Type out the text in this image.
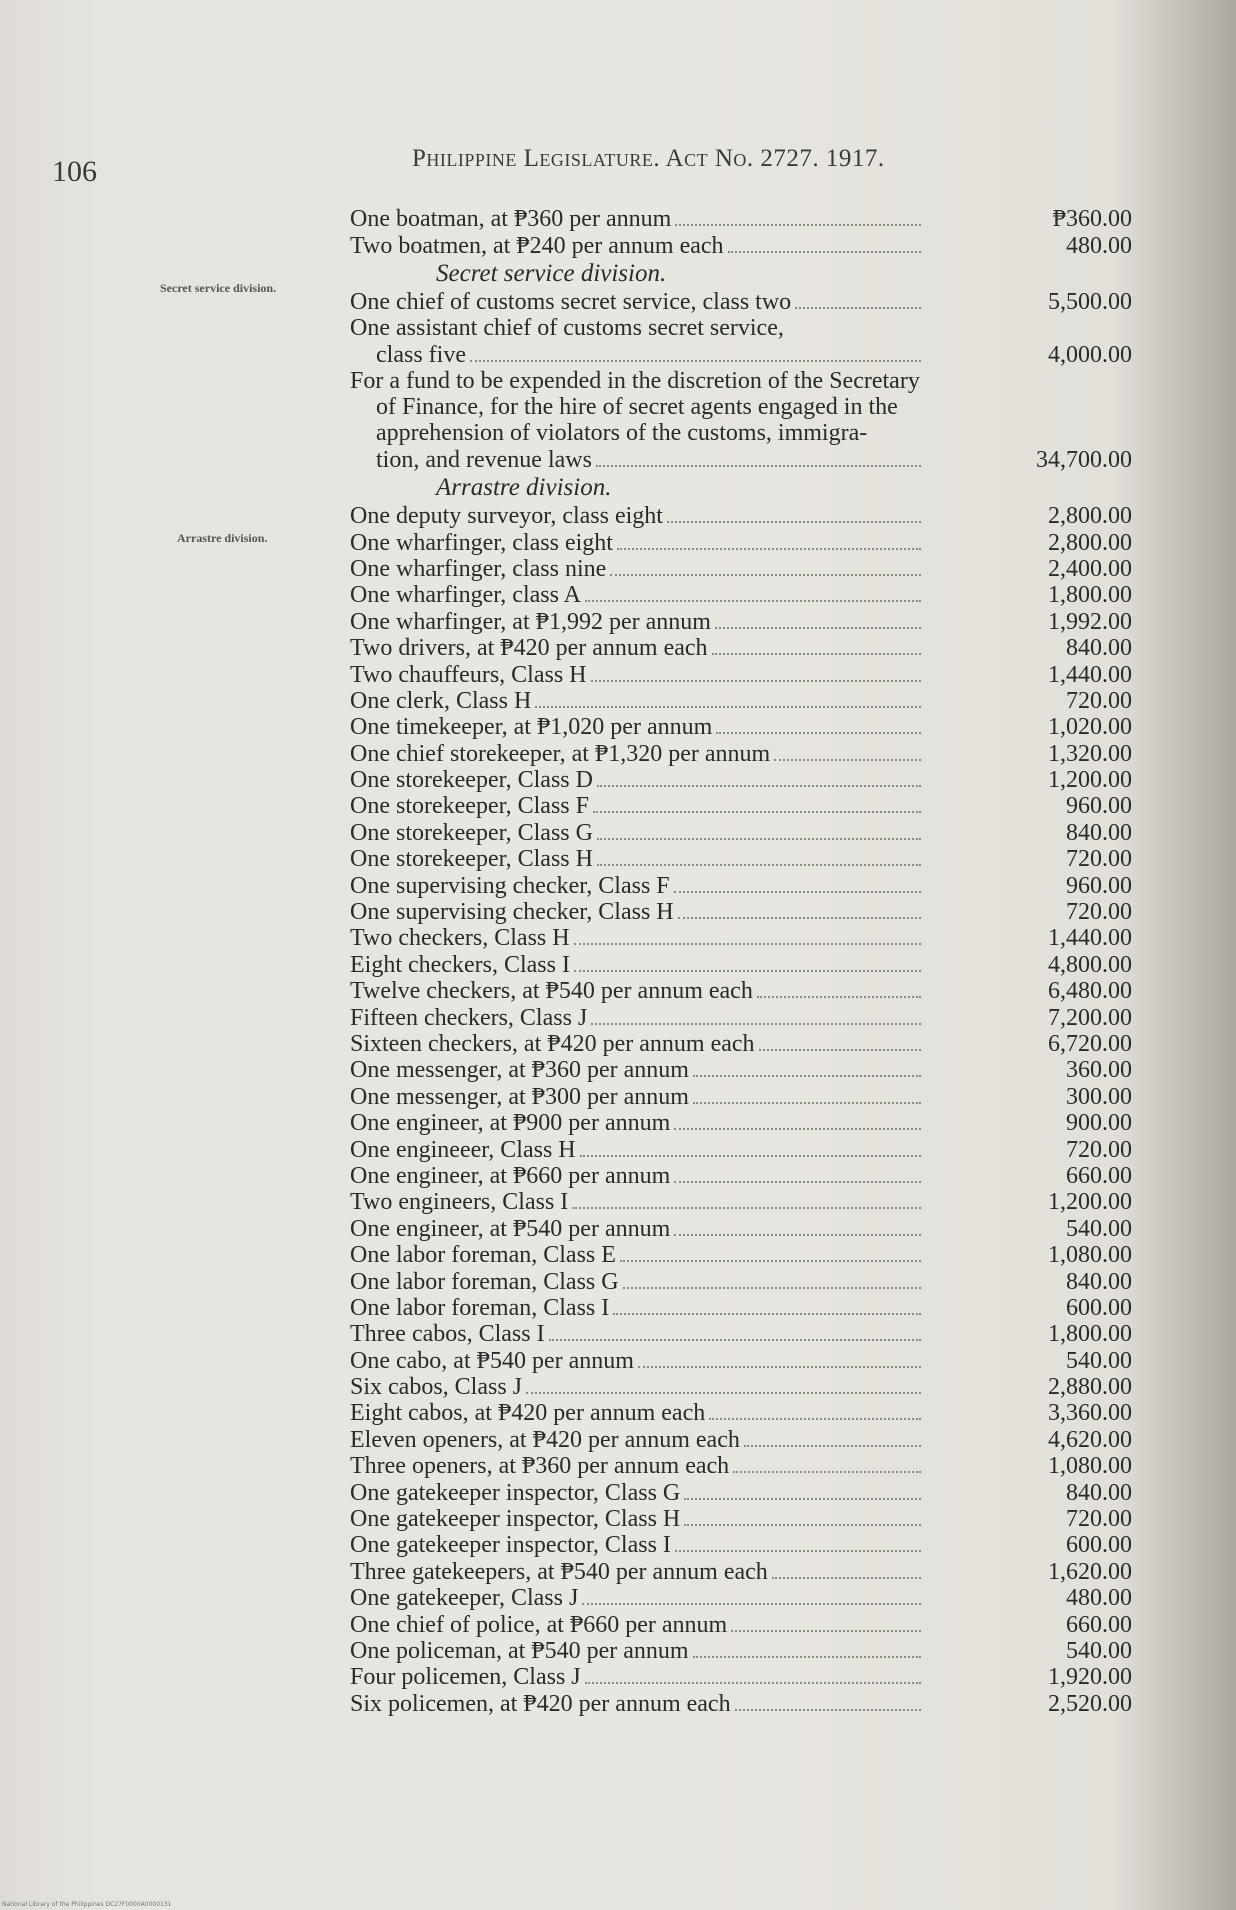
106	Philippine Legislature. Act No. 2727. 1917.
Secret service division.
Arrastre division.
One boatman, at ₱360 per annum	₱360.00
Two boatmen, at ₱240 per annum each	480.00
Secret service division.
One chief of customs secret service, class two	5,500.00
One assistant chief of customs secret service,
class five	4,000.00
For a fund to be expended in the discretion of the Secretary of Finance, for the hire of secret agents engaged in the apprehension of violators of the customs, immigra-
tion, and revenue laws	34,700.00
Arrastre division.
One deputy surveyor, class eight	2,800.00
One wharfinger, class eight	2,800.00
One wharfinger, class nine	2,400.00
One wharfinger, class A	1,800.00
One wharfinger, at ₱1,992 per annum	1,992.00
Two drivers, at ₱420 per annum each	840.00
Two chauffeurs, Class H	1,440.00
One clerk, Class H	720.00
One timekeeper, at ₱1,020 per annum	1,020.00
One chief storekeeper, at ₱1,320 per annum	1,320.00
One storekeeper, Class D	1,200.00
One storekeeper, Class F	960.00
One storekeeper, Class G	840.00
One storekeeper, Class H	720.00
One supervising checker, Class F	960.00
One supervising checker, Class H	720.00
Two checkers, Class H	1,440.00
Eight checkers, Class I	4,800.00
Twelve checkers, at ₱540 per annum each	6,480.00
Fifteen checkers, Class J	7,200.00
Sixteen checkers, at ₱420 per annum each	6,720.00
One messenger, at ₱360 per annum	360.00
One messenger, at ₱300 per annum	300.00
One engineer, at ₱900 per annum	900.00
One engineeer, Class H	720.00
One engineer, at ₱660 per annum	660.00
Two engineers, Class I	1,200.00
One engineer, at ₱540 per annum	540.00
One labor foreman, Class E	1,080.00
One labor foreman, Class G	840.00
One labor foreman, Class I	600.00
Three cabos, Class I	1,800.00
One cabo, at ₱540 per annum	540.00
Six cabos, Class J	2,880.00
Eight cabos, at ₱420 per annum each	3,360.00
Eleven openers, at ₱420 per annum each	4,620.00
Three openers, at ₱360 per annum each	1,080.00
One gatekeeper inspector, Class G	840.00
One gatekeeper inspector, Class H	720.00
One gatekeeper inspector, Class I	600.00
Three gatekeepers, at ₱540 per annum each	1,620.00
One gatekeeper, Class J	480.00
One chief of police, at ₱660 per annum	660.00
One policeman, at ₱540 per annum	540.00
Four policemen, Class J	1,920.00
Six policemen, at ₱420 per annum each	2,520.00
National Library of the Philippines DC27F0000A0000131
